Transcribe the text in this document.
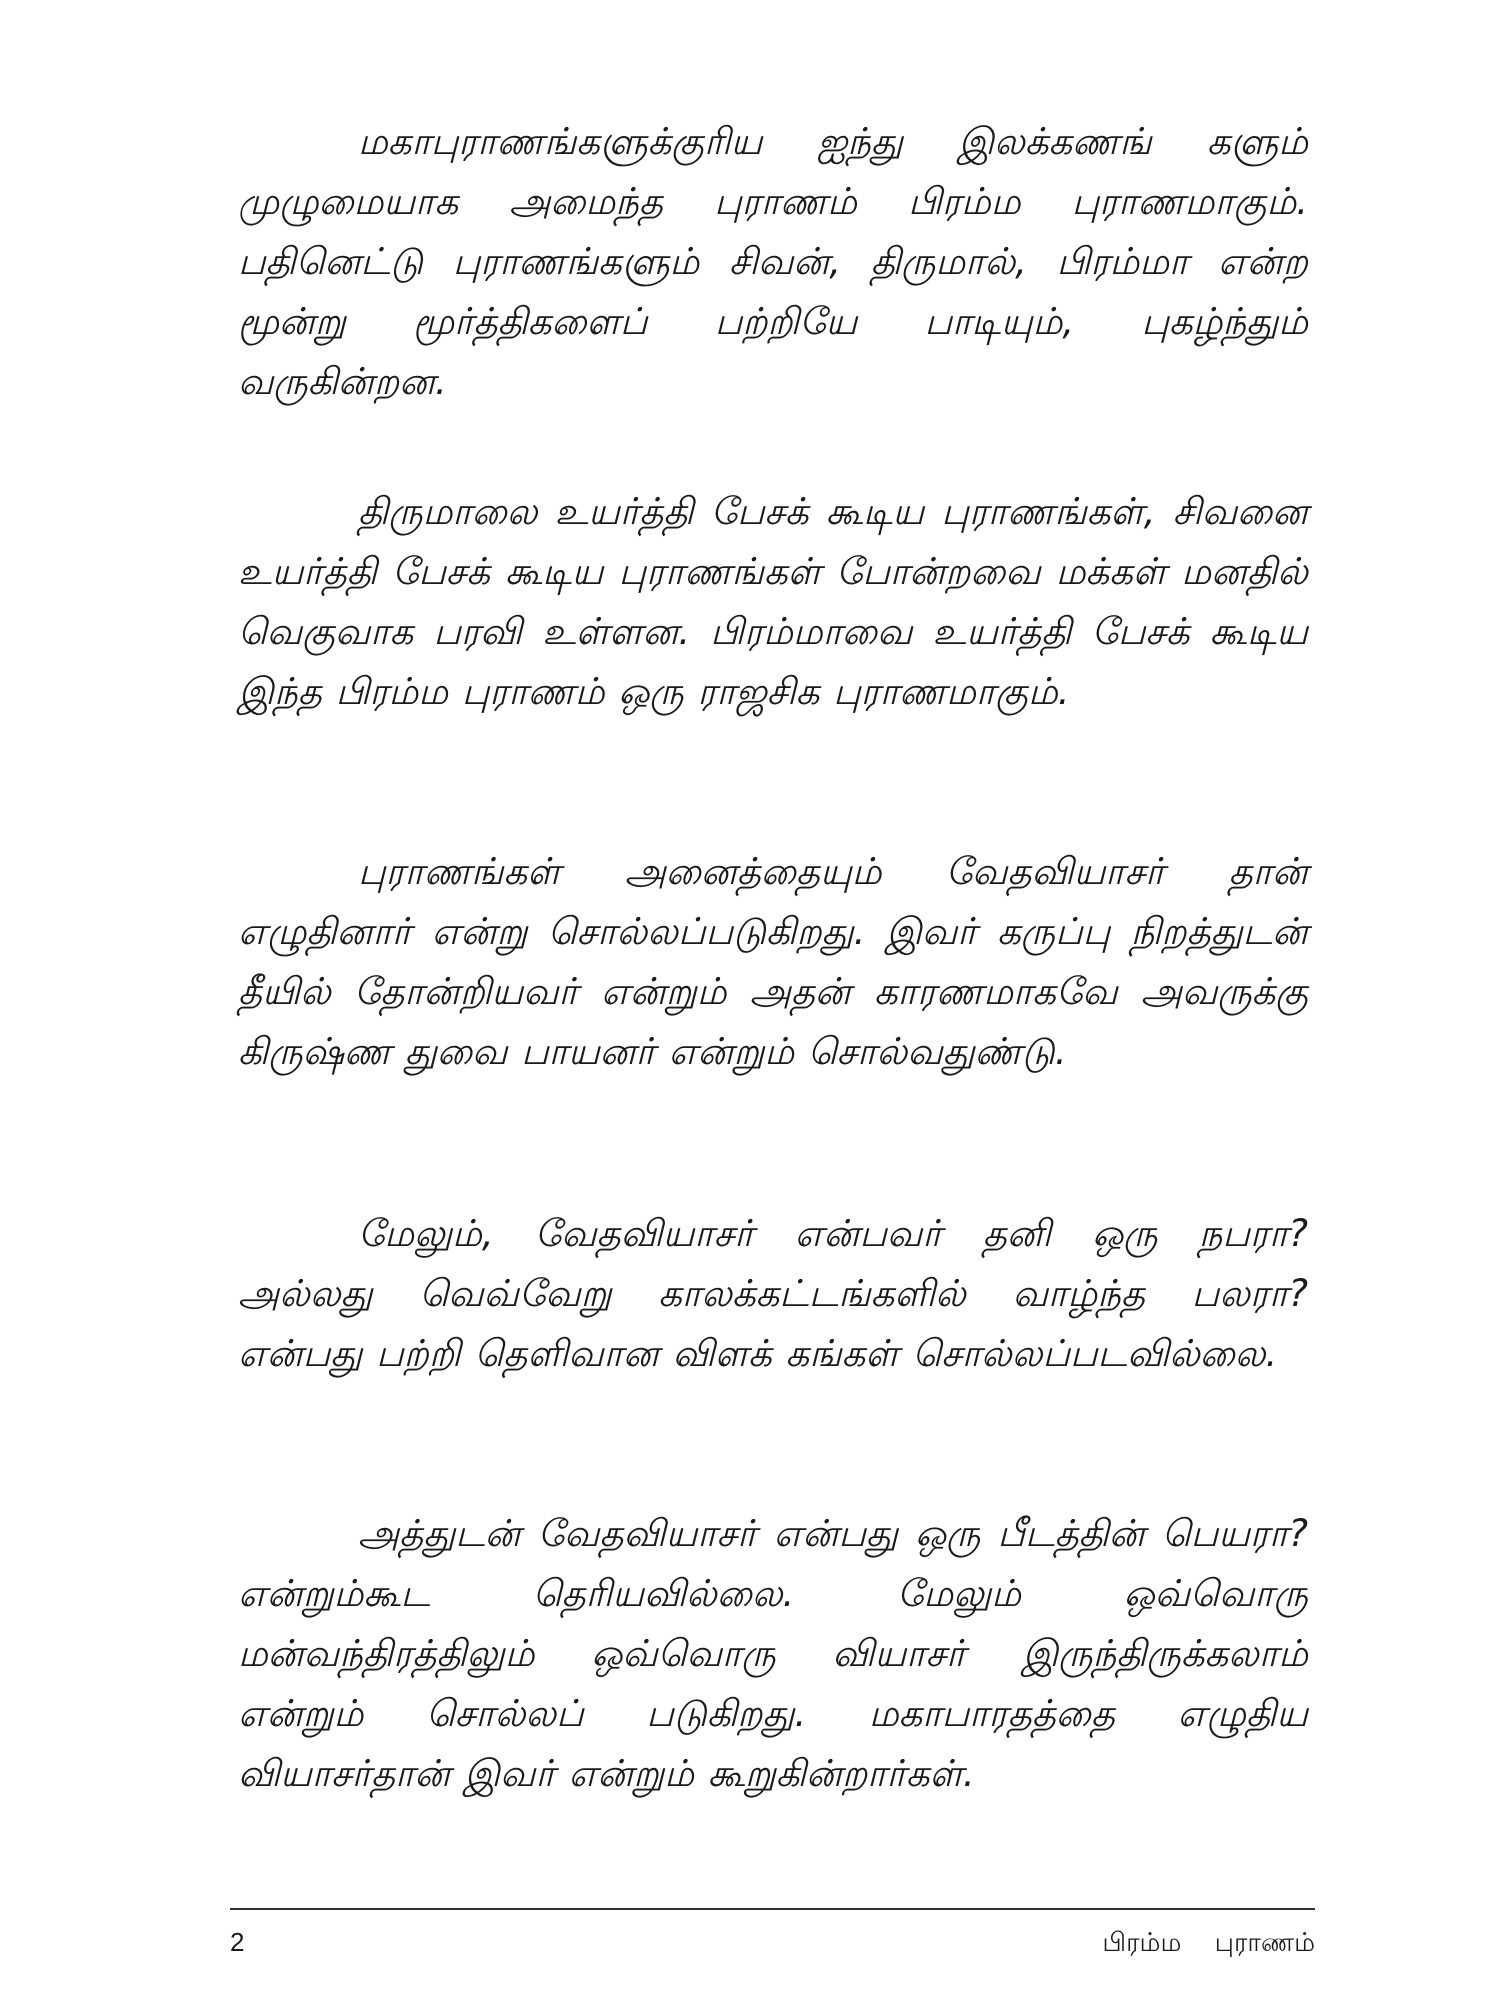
மகாபுராணங்களுக்குரிய ஐந்து இலக்கணங் களும் முழுமையாக அமைந்த புராணம் பிரம்ம புராணமாகும். பதினெட்டு புராணங்களும் சிவன், திருமால், பிரம்மா என்ற மூன்று மூர்த்திகளைப் பற்றியே பாடியும், புகழ்ந்தும் வருகின்றன.

திருமாலை உயர்த்தி பேசக் கூடிய புராணங்கள், சிவனை உயர்த்தி பேசக் கூடிய புராணங்கள் போன்றவை மக்கள் மனதில் வெகுவாக பரவி உள்ளன. பிரம்மாவை உயர்த்தி பேசக் கூடிய இந்த பிரம்ம புராணம் ஒரு ராஜசிக புராணமாகும்.

புராணங்கள் அனைத்தையும் வேதவியாசர் தான் எழுதினார் என்று சொல்லப்படுகிறது. இவர் கருப்பு நிறத்துடன் தீயில் தோன்றியவர் என்றும் அதன் காரணமாகவே அவருக்கு கிருஷ்ண துவை பாயனர் என்றும் சொல்வதுண்டு.

மேலும், வேதவியாசர் என்பவர் தனி ஒரு நபரா? அல்லது வெவ்வேறு காலக்கட்டங்களில் வாழ்ந்த பலரா? என்பது பற்றி தெளிவான விளக் கங்கள் சொல்லப்படவில்லை.

அத்துடன் வேதவியாசர் என்பது ஒரு பீடத்தின் பெயரா? என்றும்கூட தெரியவில்லை. மேலும் ஒவ்வொரு மன்வந்திரத்திலும் ஒவ்வொரு வியாசர் இருந்திருக்கலாம் என்றும் சொல்லப் படுகிறது. மகாபாரதத்தை எழுதிய வியாசர்தான் இவர் என்றும் கூறுகின்றார்கள்.

2	பிரம்ம புராணம்
